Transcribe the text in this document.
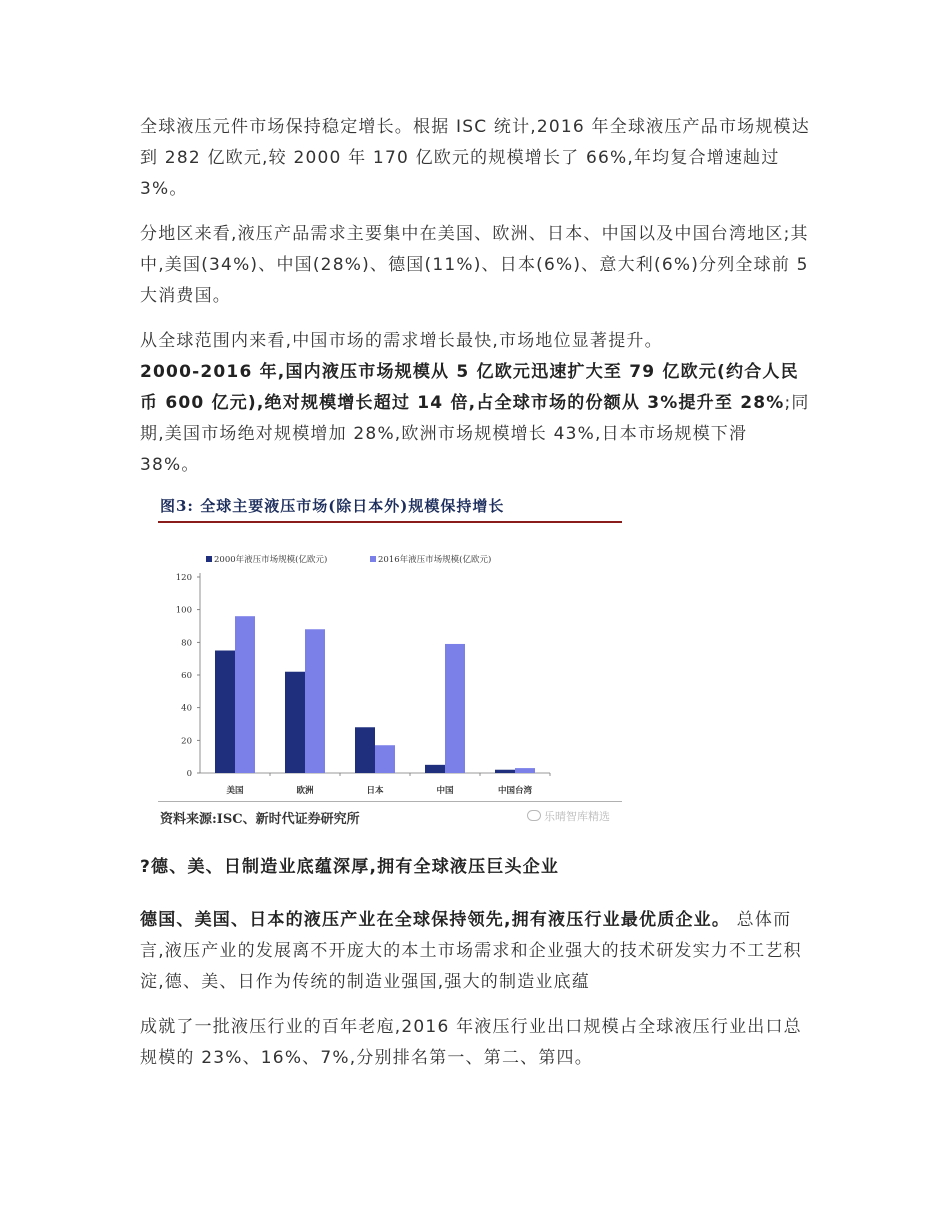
全球液压元件市场保持稳定增长。根据 ISC 统计,2016 年全球液压产品市场规模达到 282 亿欧元,较 2000 年 170 亿欧元的规模增长了 66%,年均复合增速赸过 3%。

分地区来看,液压产品需求主要集中在美国、欧洲、日本、中国以及中国台湾地区;其中,美国(34%)、中国(28%)、德国(11%)、日本(6%)、意大利(6%)分列全球前 5 大消费国。

从全球范围内来看,中国市场的需求增长最快,市场地位显著提升。

2000-2016 年,国内液压市场规模从 5 亿欧元迅速扩大至 79 亿欧元(约合人民币 600 亿元),绝对规模增长超过 14 倍,占全球市场的份额从 3%提升至 28%;同期,美国市场绝对规模增加 28%,欧洲市场规模增长 43%,日本市场规模下滑 38%。

图3: 全球主要液压市场(除日本外)规模保持增长
2000年液压市场规模(亿欧元)	2016年液压市场规模(亿欧元)
0
20
40
60
80
100
120
美国	欧洲	日本	中国	中国台湾
资料来源:ISC、新时代证券研究所	乐晴智库精选

?德、美、日制造业底蕴深厚,拥有全球液压巨头企业

德国、美国、日本的液压产业在全球保持领先,拥有液压行业最优质企业。 总体而言,液压产业的发展离不开庞大的本土市场需求和企业强大的技术研发实力不工艺积淀,德、美、日作为传统的制造业强国,强大的制造业底蕴

成就了一批液压行业的百年老庖,2016 年液压行业出口规模占全球液压行业出口总规模的 23%、16%、7%,分别排名第一、第二、第四。
